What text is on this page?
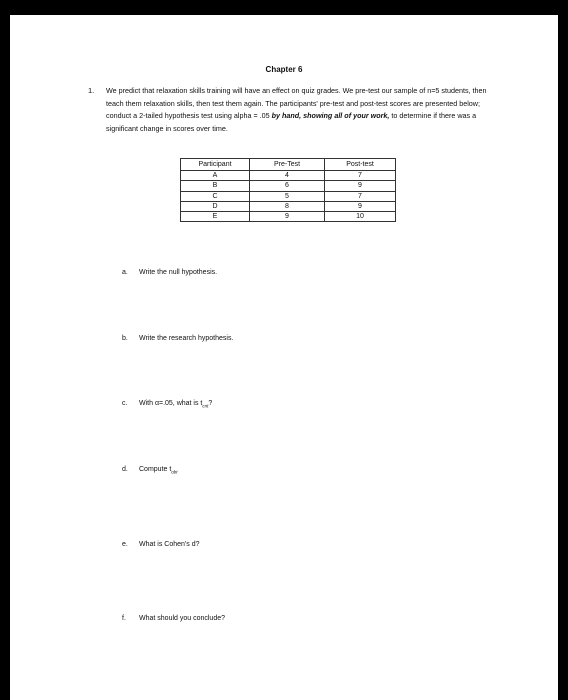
Chapter 6
1. We predict that relaxation skills training will have an effect on quiz grades. We pre-test our sample of n=5 students, then teach them relaxation skills, then test them again. The participants' pre-test and post-test scores are presented below; conduct a 2-tailed hypothesis test using alpha = .05 by hand, showing all of your work, to determine if there was a significant change in scores over time.
Participant	Pre-Test	Post-test
A	4	7
B	6	9
C	5	7
D	8	9
E	9	10
a. Write the null hypothesis.
b. Write the research hypothesis.
c. With α=.05, what is $t_{crit}$?
d. Compute $t_{obt}$
e. What is Cohen's d?
f. What should you conclude?
